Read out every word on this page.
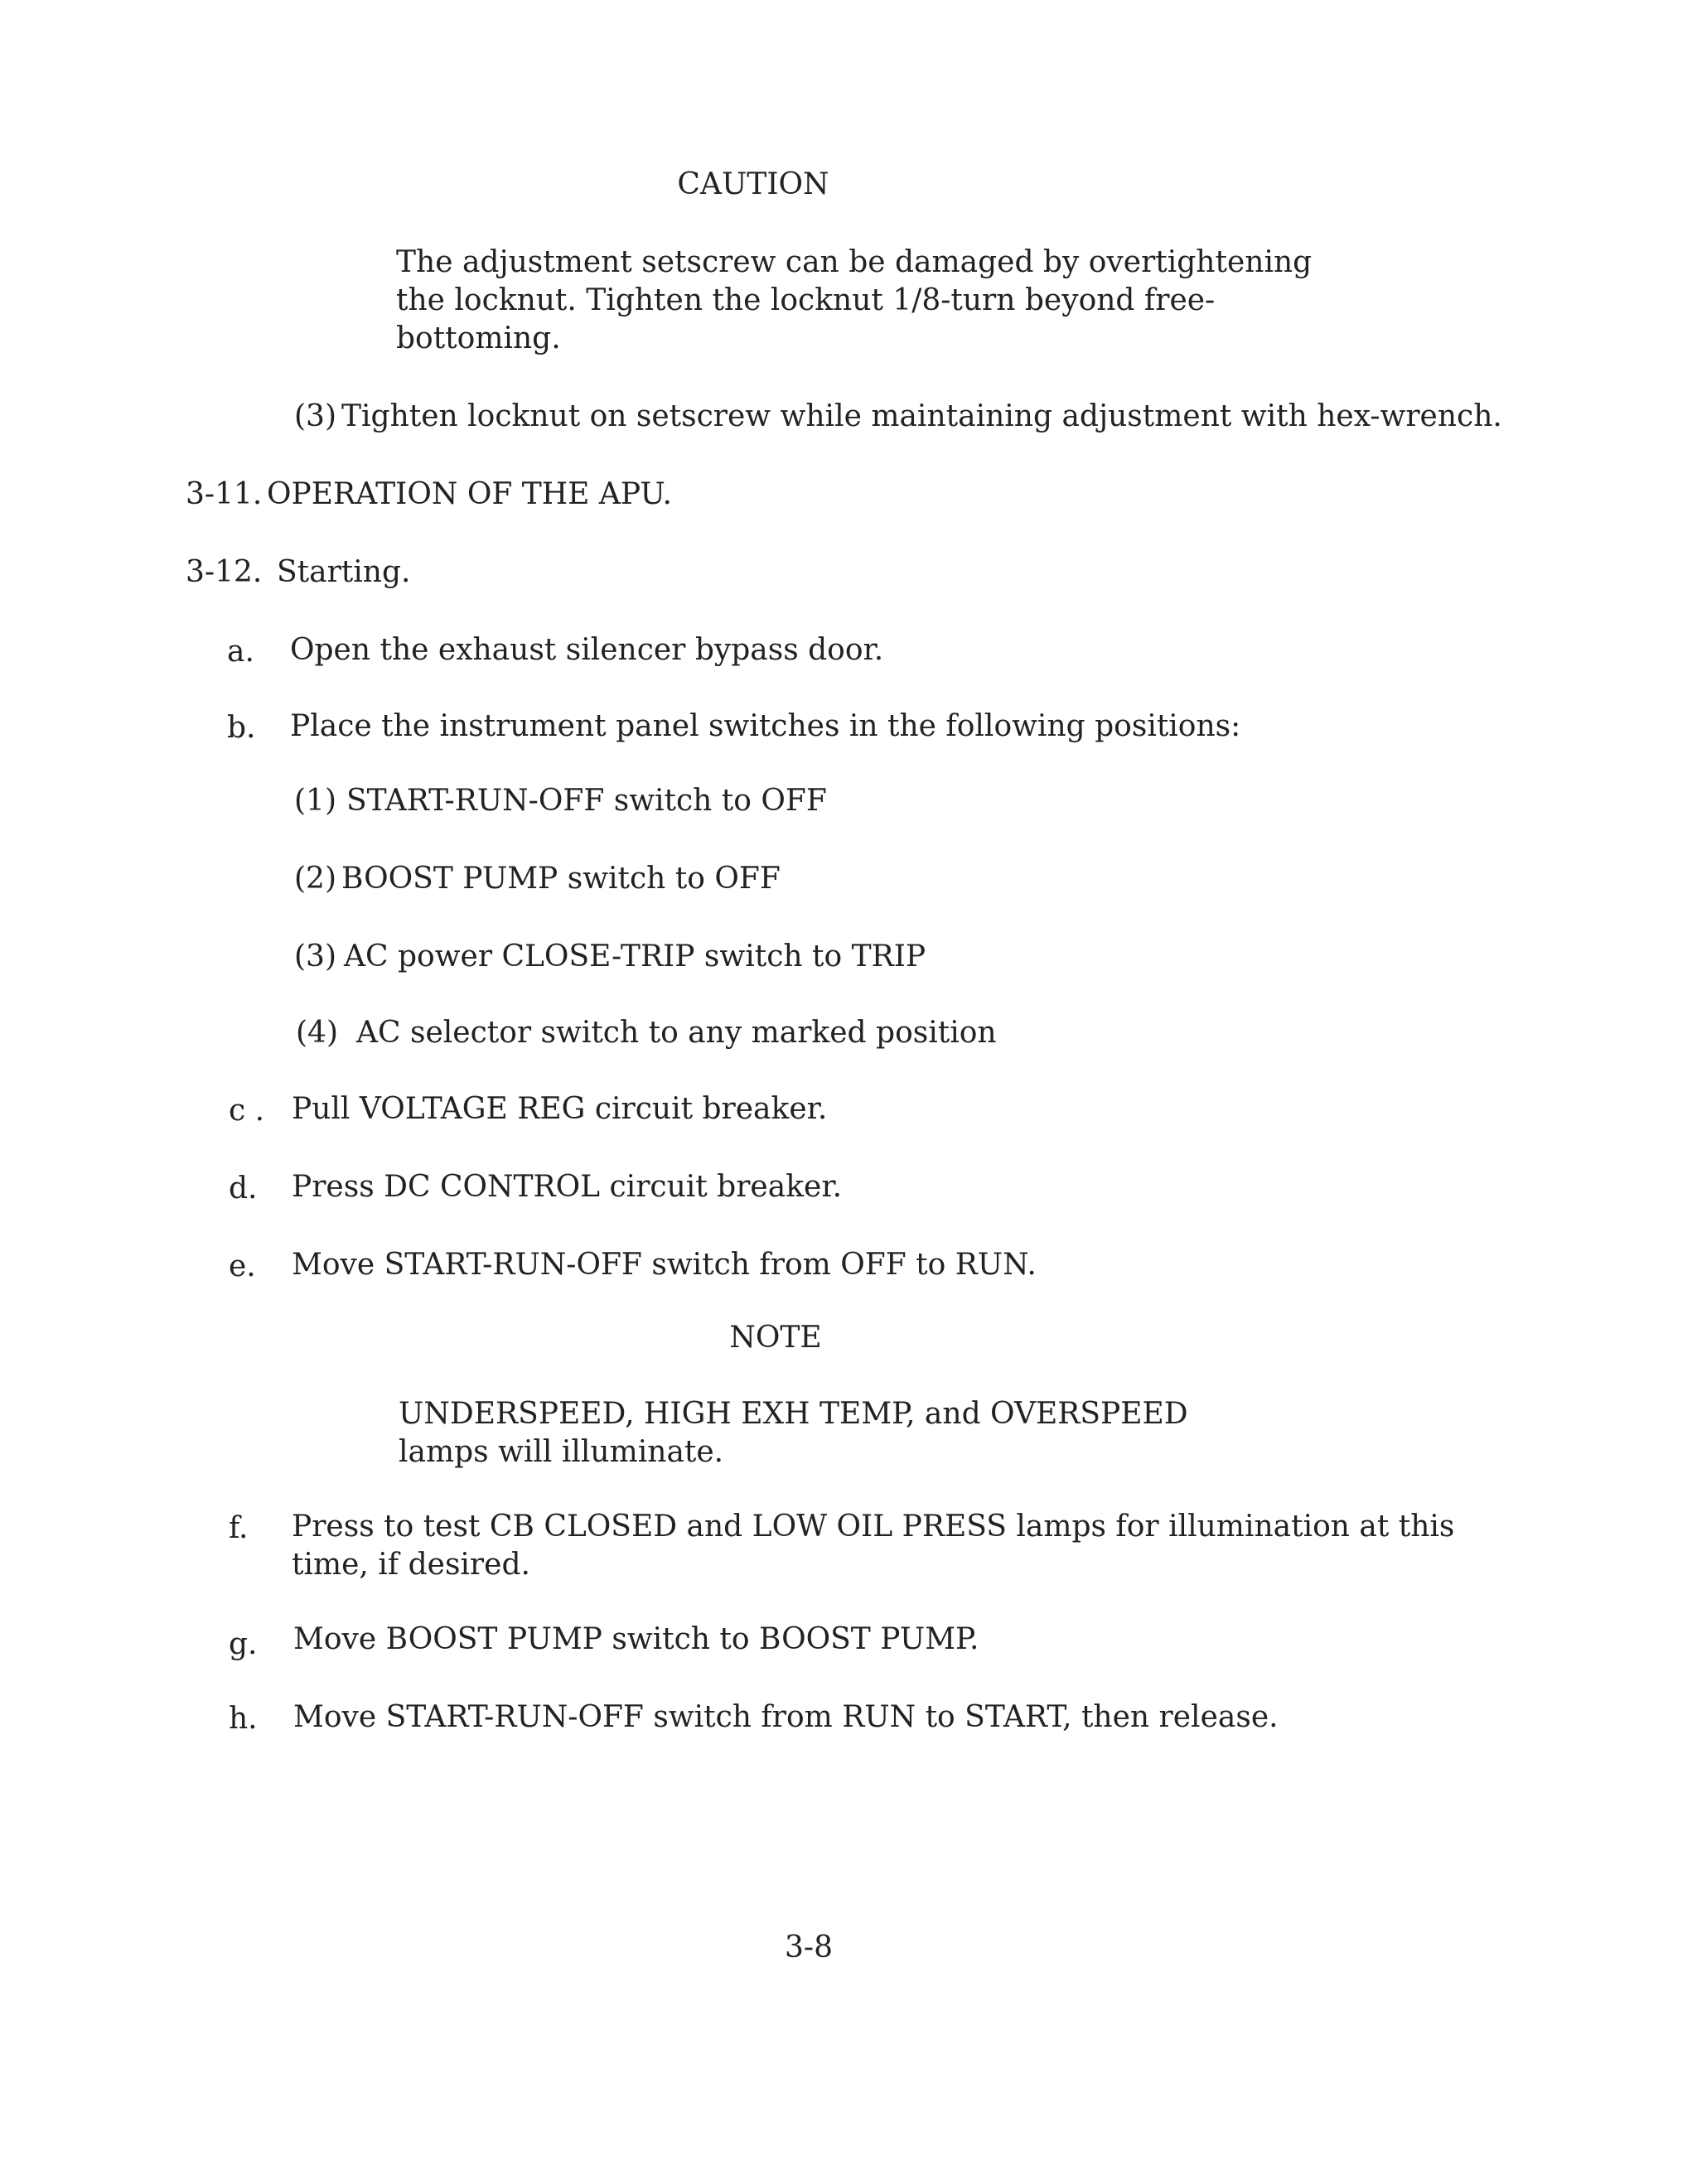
CAUTION
The adjustment setscrew can be damaged by overtightening
the locknut. Tighten the locknut 1/8-turn beyond free-
bottoming.
(3) Tighten locknut on setscrew while maintaining adjustment with hex-wrench.
3-11. OPERATION OF THE APU.
3-12. Starting.
a. Open the exhaust silencer bypass door.
b. Place the instrument panel switches in the following positions:
(1) START-RUN-OFF switch to OFF
(2) BOOST PUMP switch to OFF
(3) AC power CLOSE-TRIP switch to TRIP
(4) AC selector switch to any marked position
c . Pull VOLTAGE REG circuit breaker.
d. Press DC CONTROL circuit breaker.
e. Move START-RUN-OFF switch from OFF to RUN.
NOTE
UNDERSPEED, HIGH EXH TEMP, and OVERSPEED
lamps will illuminate.
f. Press to test CB CLOSED and LOW OIL PRESS lamps for illumination at this
time, if desired.
g. Move BOOST PUMP switch to BOOST PUMP.
h. Move START-RUN-OFF switch from RUN to START, then release.
3-8
